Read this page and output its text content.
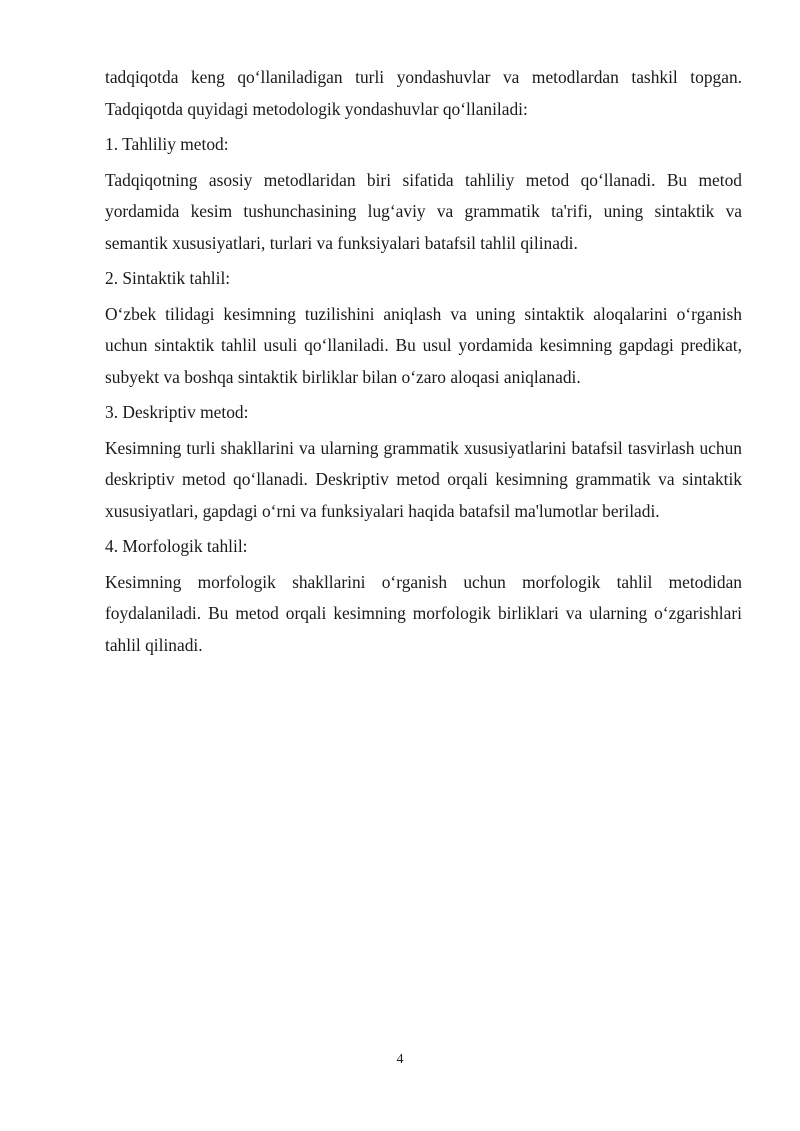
tadqiqotda keng qo‘llaniladigan turli yondashuvlar va metodlardan tashkil topgan. Tadqiqotda quyidagi metodologik yondashuvlar qo‘llaniladi:

1. Tahliliy metod:

Tadqiqotning asosiy metodlaridan biri sifatida tahliliy metod qo‘llanadi. Bu metod yordamida kesim tushunchasining lug‘aviy va grammatik ta'rifi, uning sintaktik va semantik xususiyatlari, turlari va funksiyalari batafsil tahlil qilinadi.

2. Sintaktik tahlil:

O‘zbek tilidagi kesimning tuzilishini aniqlash va uning sintaktik aloqalarini o‘rganish uchun sintaktik tahlil usuli qo‘llaniladi. Bu usul yordamida kesimning gapdagi predikat, subyekt va boshqa sintaktik birliklar bilan o‘zaro aloqasi aniqlanadi.

3. Deskriptiv metod:

Kesimning turli shakllarini va ularning grammatik xususiyatlarini batafsil tasvirlash uchun deskriptiv metod qo‘llanadi. Deskriptiv metod orqali kesimning grammatik va sintaktik xususiyatlari, gapdagi o‘rni va funksiyalari haqida batafsil ma'lumotlar beriladi.

4. Morfologik tahlil:

Kesimning morfologik shakllarini o‘rganish uchun morfologik tahlil metodidan foydalaniladi. Bu metod orqali kesimning morfologik birliklari va ularning o‘zgarishlari tahlil qilinadi.

4
